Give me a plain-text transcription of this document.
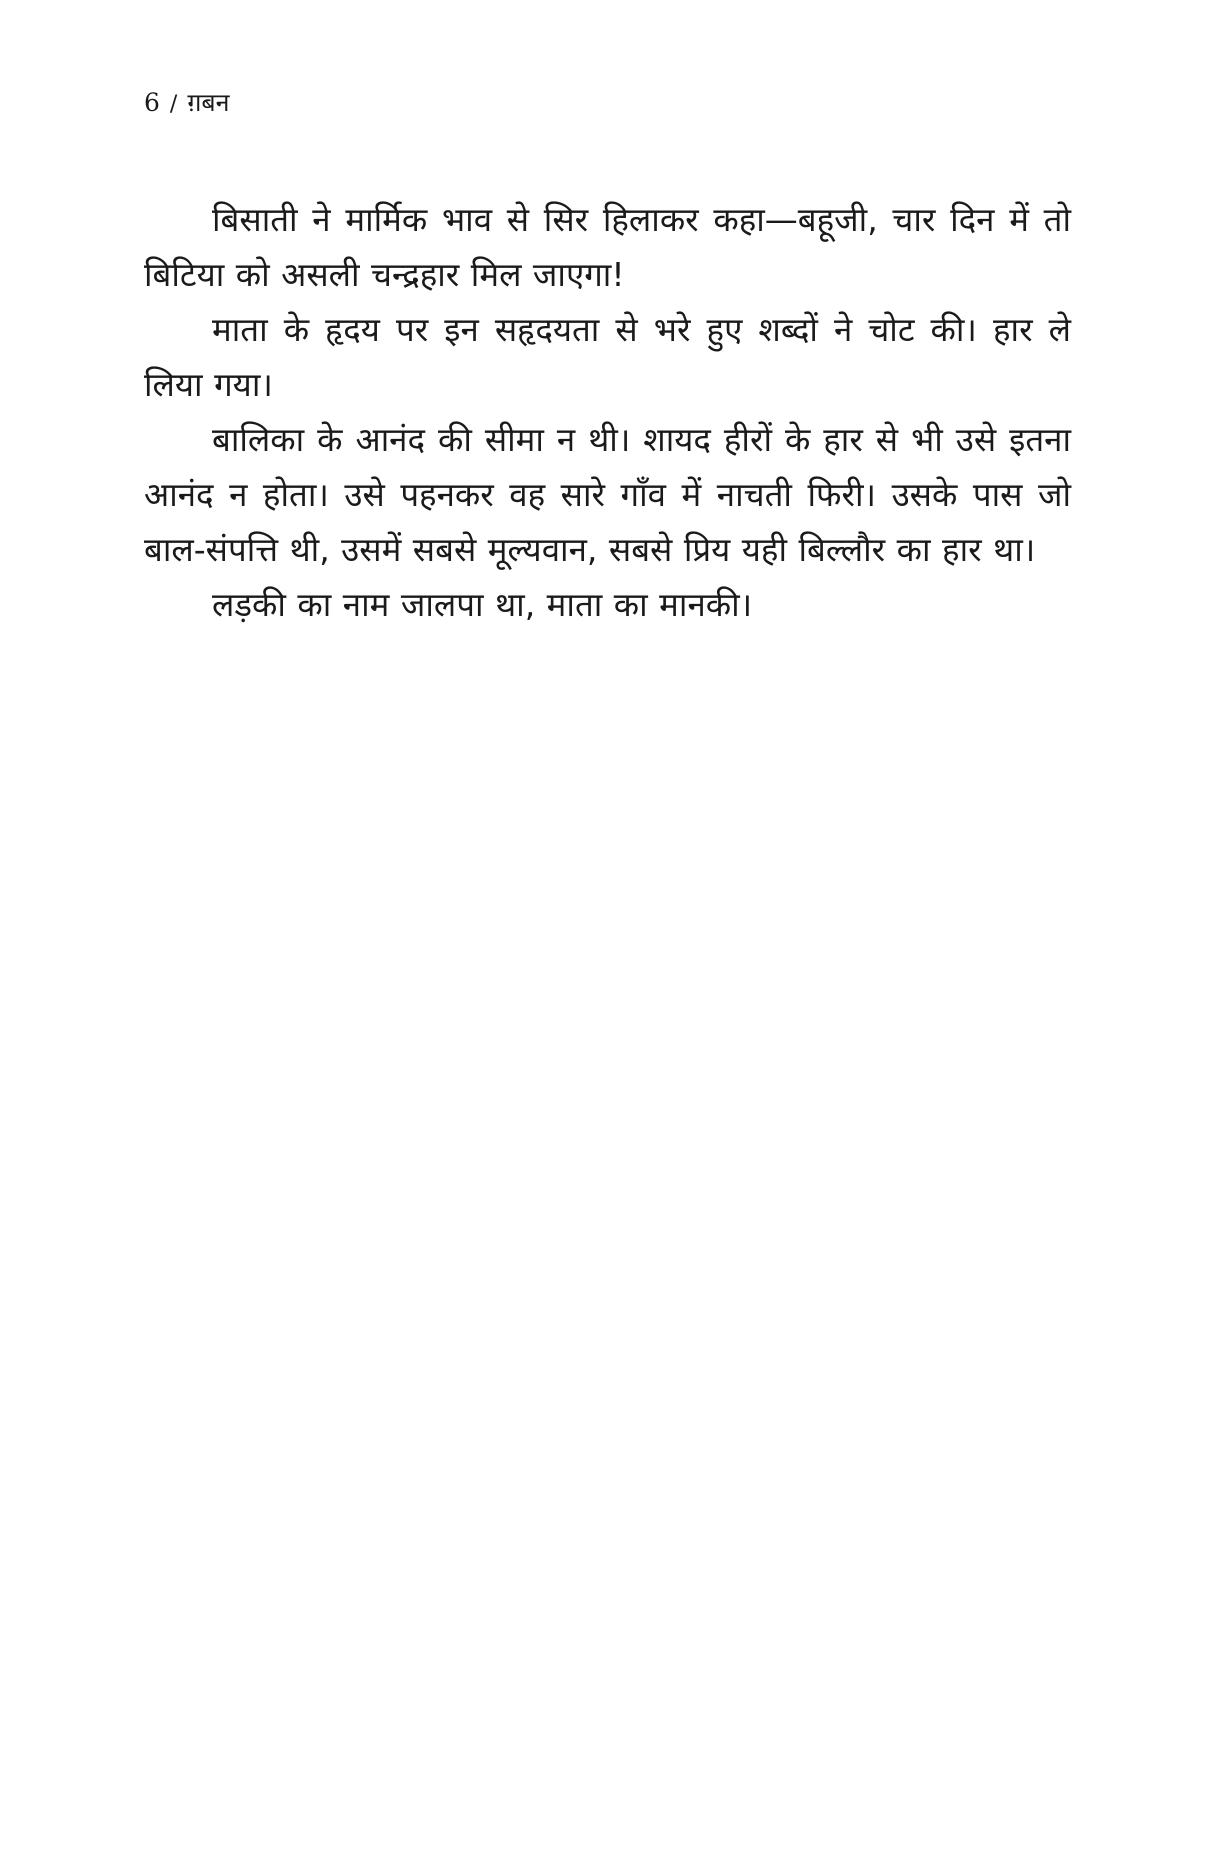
6 / ग़बन

बिसाती ने मार्मिक भाव से सिर हिलाकर कहा—बहूजी, चार दिन में तो बिटिया को असली चन्द्रहार मिल जाएगा!

माता के हृदय पर इन सहृदयता से भरे हुए शब्दों ने चोट की। हार ले लिया गया।

बालिका के आनंद की सीमा न थी। शायद हीरों के हार से भी उसे इतना आनंद न होता। उसे पहनकर वह सारे गाँव में नाचती फिरी। उसके पास जो बाल-संपत्ति थी, उसमें सबसे मूल्यवान, सबसे प्रिय यही बिल्लौर का हार था।

लड़की का नाम जालपा था, माता का मानकी।
